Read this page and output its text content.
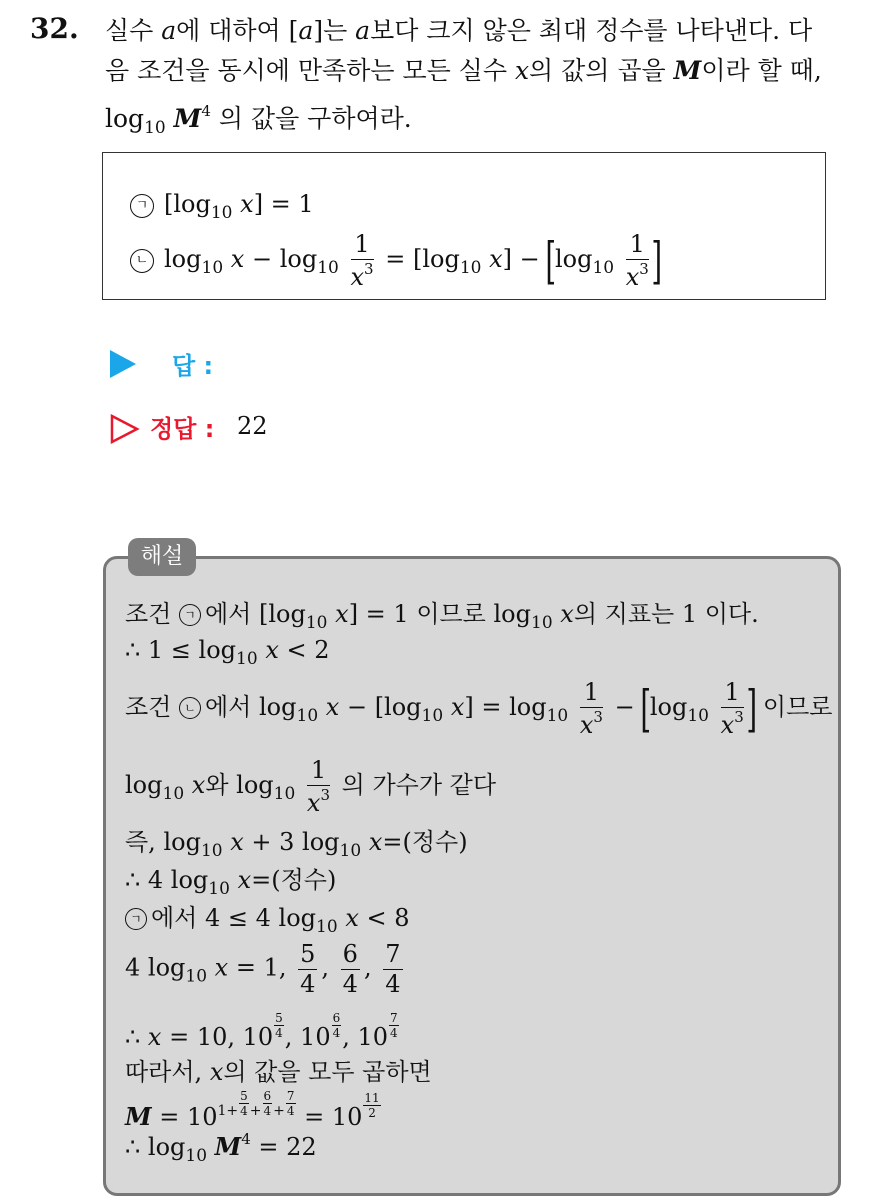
32. 실수 a에 대하여 [a]는 a보다 크지 않은 최대 정수를 나타낸다. 다
음 조건을 동시에 만족하는 모든 실수 x의 값의 곱을 M이라 할 때,
$\log_{10} M^4$ 의 값을 구하여라.
ㄱ [$\log_{10}$ x] = 1
ㄴ $\log_{10} x - \log_{10} \frac{1}{x^3} = [\log_{10}$ $x] - [\log_{10} \frac{1}{x^3}$ ]
답 :
정답 : 22
해설
조건 ㄱ 에서 [$\log_{10}$ x] = 1 이므로 $\log_{10} x$의 지표는 1 이다.
∴ $1 \le \log_{10} x < 2$
조건 ㄴ 에서 $\log_{10} x - [\log_{10}$ $x] = \log_{10} \frac{1}{x^3} - [\log_{10} \frac{1}{x^3}$ ] 이므로
$\log_{10} x$와 $\log_{10} \frac{1}{x^3}$ 의 가수가 같다
즉, $\log_{10} x + 3$ $\log_{10} x=$(정수)
∴ 4 $\log_{10} x=$(정수)
ㄱ 에서 4 ≤ 4 $\log_{10} x < 8$
4 $\log_{10} x = 1$, $\frac{5}{4}$ , $\frac{6}{4}$ , $\frac{7}{4}$
∴ x = 10, $10 \frac{5}{4}$ , $10 \frac{6}{4}$ , $10 \frac{7}{4}$
따라서, x의 값을 모두 곱하면
$M = 10^{1+ \frac{5}{4} + \frac{6}{4} + \frac{7}{4}} = 10 \frac{11}{2}$
∴ $\log_{10} M^4 = 22$
